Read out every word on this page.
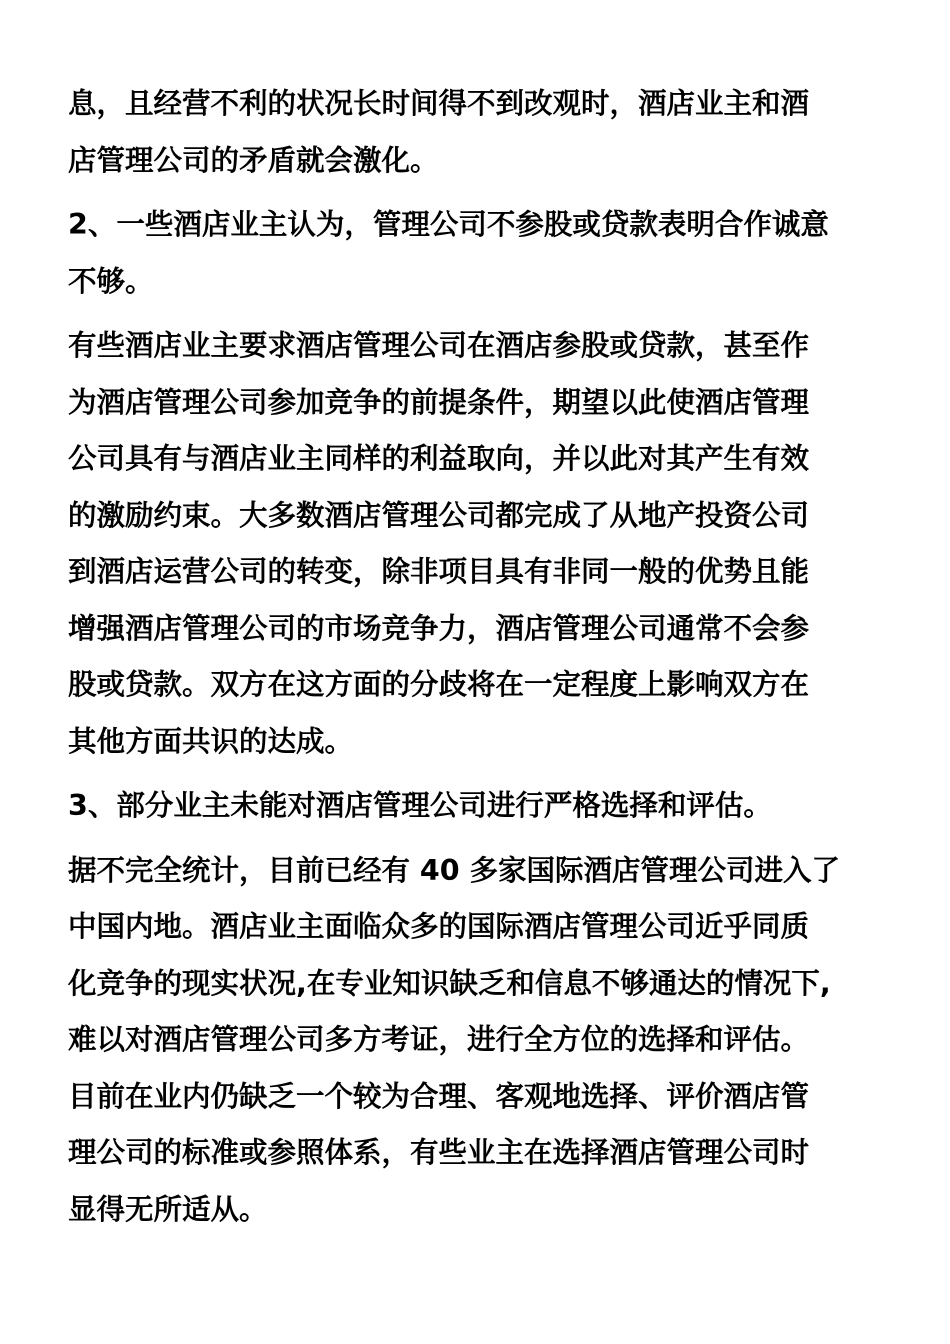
息，且经营不利的状况长时间得不到改观时，酒店业主和酒
店管理公司的矛盾就会激化。

2、一些酒店业主认为，管理公司不参股或贷款表明合作诚意
不够。

有些酒店业主要求酒店管理公司在酒店参股或贷款，甚至作
为酒店管理公司参加竞争的前提条件，期望以此使酒店管理
公司具有与酒店业主同样的利益取向，并以此对其产生有效
的激励约束。大多数酒店管理公司都完成了从地产投资公司
到酒店运营公司的转变，除非项目具有非同一般的优势且能
增强酒店管理公司的市场竞争力，酒店管理公司通常不会参
股或贷款。双方在这方面的分歧将在一定程度上影响双方在
其他方面共识的达成。

3、部分业主未能对酒店管理公司进行严格选择和评估。

据不完全统计，目前已经有 40 多家国际酒店管理公司进入了
中国内地。酒店业主面临众多的国际酒店管理公司近乎同质
化竞争的现实状况,在专业知识缺乏和信息不够通达的情况下,
难以对酒店管理公司多方考证，进行全方位的选择和评估。
目前在业内仍缺乏一个较为合理、客观地选择、评价酒店管
理公司的标准或参照体系，有些业主在选择酒店管理公司时
显得无所适从。
